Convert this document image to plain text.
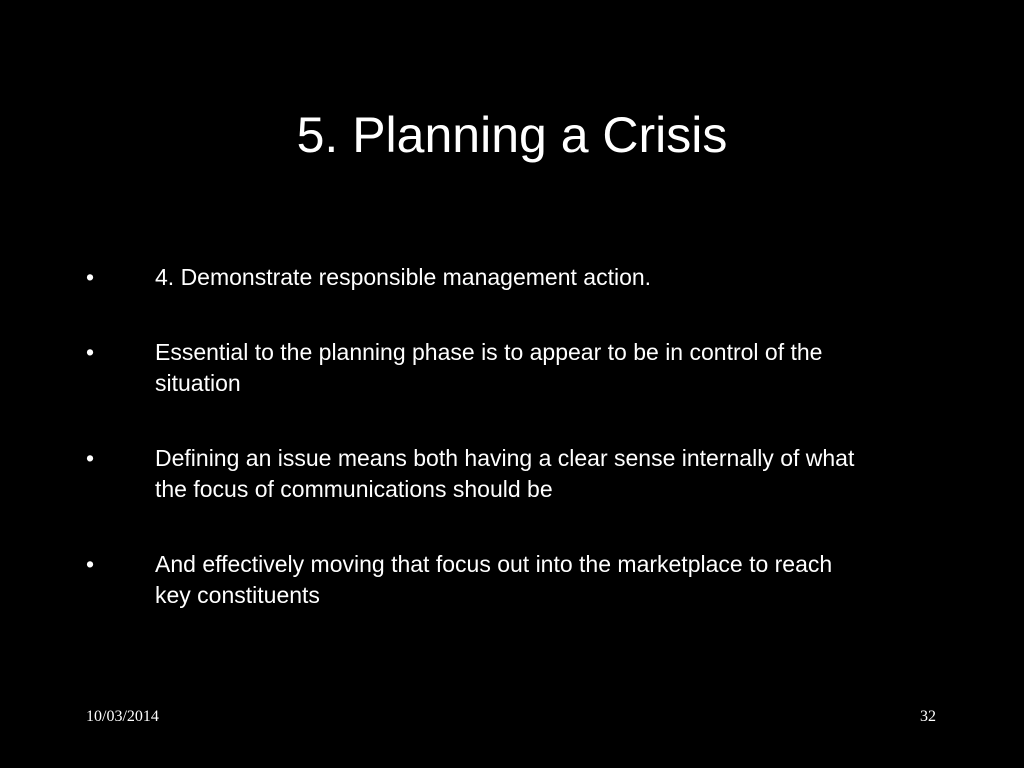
5. Planning a Crisis
•	4. Demonstrate responsible management action.
•	Essential to the planning phase is to appear to be in control of the situation
•	Defining an issue means both having a clear sense internally of what the focus of communications should be
•	And effectively moving that focus out into the marketplace to reach key constituents
10/03/2014	32
